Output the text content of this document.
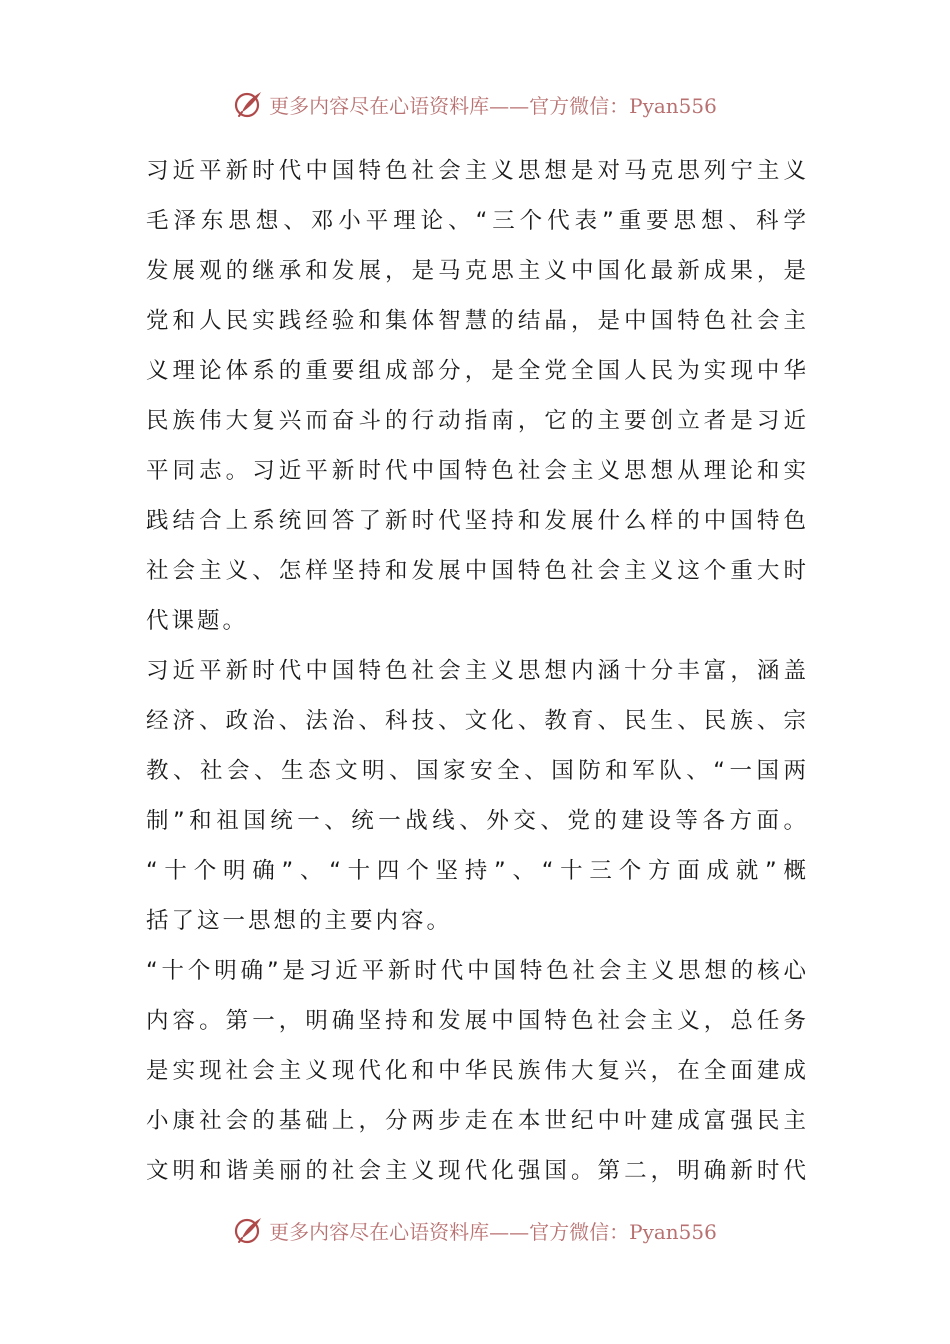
更多内容尽在心语资料库——官方微信：Pyan556
习近平新时代中国特色社会主义思想是对马克思列宁主义
毛泽东思想、邓小平理论、“三个代表”重要思想、科学
发展观的继承和发展，是马克思主义中国化最新成果，是
党和人民实践经验和集体智慧的结晶，是中国特色社会主
义理论体系的重要组成部分，是全党全国人民为实现中华
民族伟大复兴而奋斗的行动指南，它的主要创立者是习近
平同志。习近平新时代中国特色社会主义思想从理论和实
践结合上系统回答了新时代坚持和发展什么样的中国特色
社会主义、怎样坚持和发展中国特色社会主义这个重大时
代课题。
习近平新时代中国特色社会主义思想内涵十分丰富，涵盖
经济、政治、法治、科技、文化、教育、民生、民族、宗
教、社会、生态文明、国家安全、国防和军队、“一国两
制”和祖国统一、统一战线、外交、党的建设等各方面。
“十个明确”、“十四个坚持”、“十三个方面成就”概
括了这一思想的主要内容。
“十个明确”是习近平新时代中国特色社会主义思想的核心
内容。第一，明确坚持和发展中国特色社会主义，总任务
是实现社会主义现代化和中华民族伟大复兴，在全面建成
小康社会的基础上，分两步走在本世纪中叶建成富强民主
文明和谐美丽的社会主义现代化强国。第二，明确新时代
更多内容尽在心语资料库——官方微信：Pyan556
